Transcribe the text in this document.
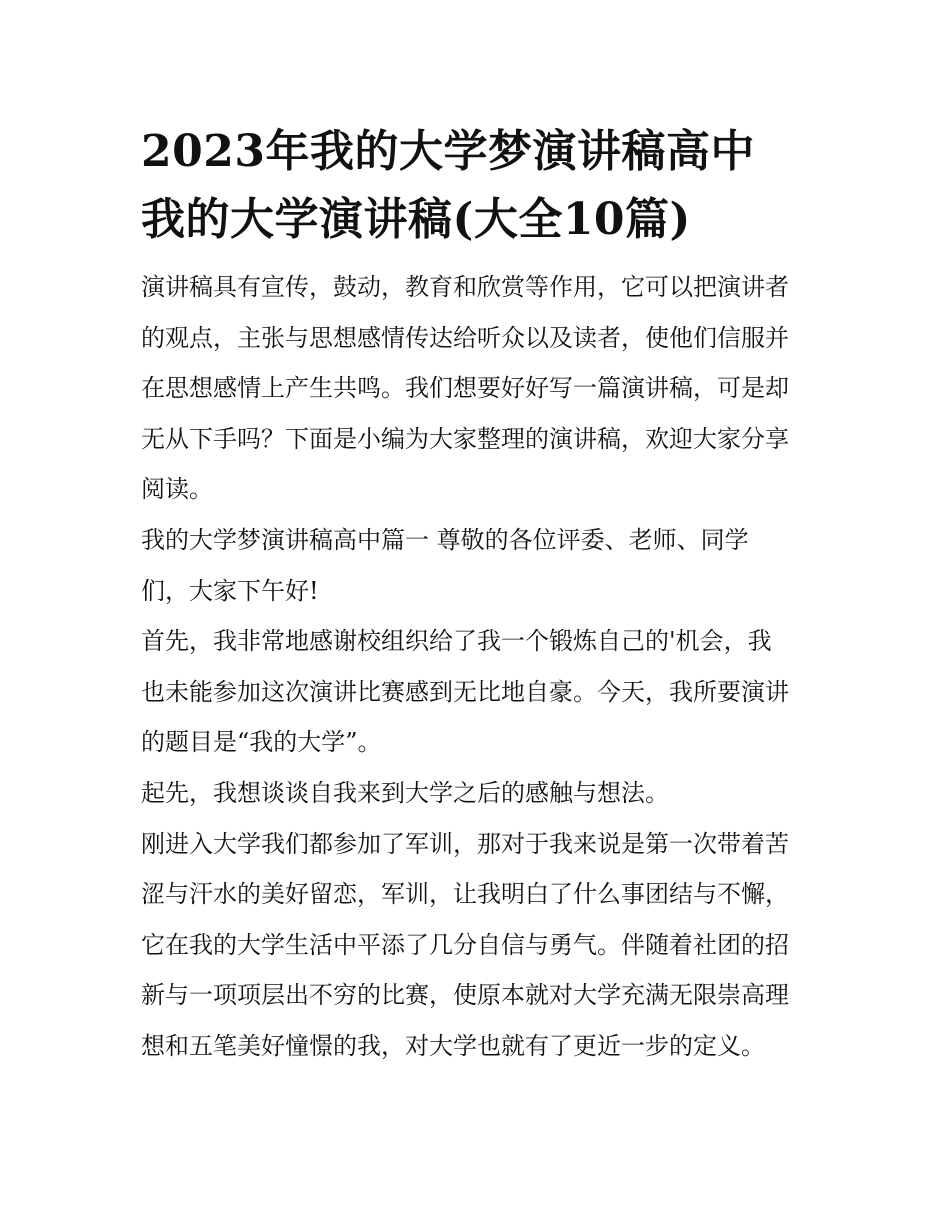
2023年我的大学梦演讲稿高中
我的大学演讲稿(大全10篇)

演讲稿具有宣传，鼓动，教育和欣赏等作用，它可以把演讲者
的观点，主张与思想感情传达给听众以及读者，使他们信服并
在思想感情上产生共鸣。我们想要好好写一篇演讲稿，可是却
无从下手吗？下面是小编为大家整理的演讲稿，欢迎大家分享
阅读。

我的大学梦演讲稿高中篇一 尊敬的各位评委、老师、同学
们，大家下午好!

首先，我非常地感谢校组织给了我一个锻炼自己的'机会，我
也未能参加这次演讲比赛感到无比地自豪。今天，我所要演讲
的题目是“我的大学”。

起先，我想谈谈自我来到大学之后的感触与想法。

刚进入大学我们都参加了军训，那对于我来说是第一次带着苦
涩与汗水的美好留恋，军训，让我明白了什么事团结与不懈，
它在我的大学生活中平添了几分自信与勇气。伴随着社团的招
新与一项项层出不穷的比赛，使原本就对大学充满无限崇高理
想和五笔美好憧憬的我，对大学也就有了更近一步的定义。
